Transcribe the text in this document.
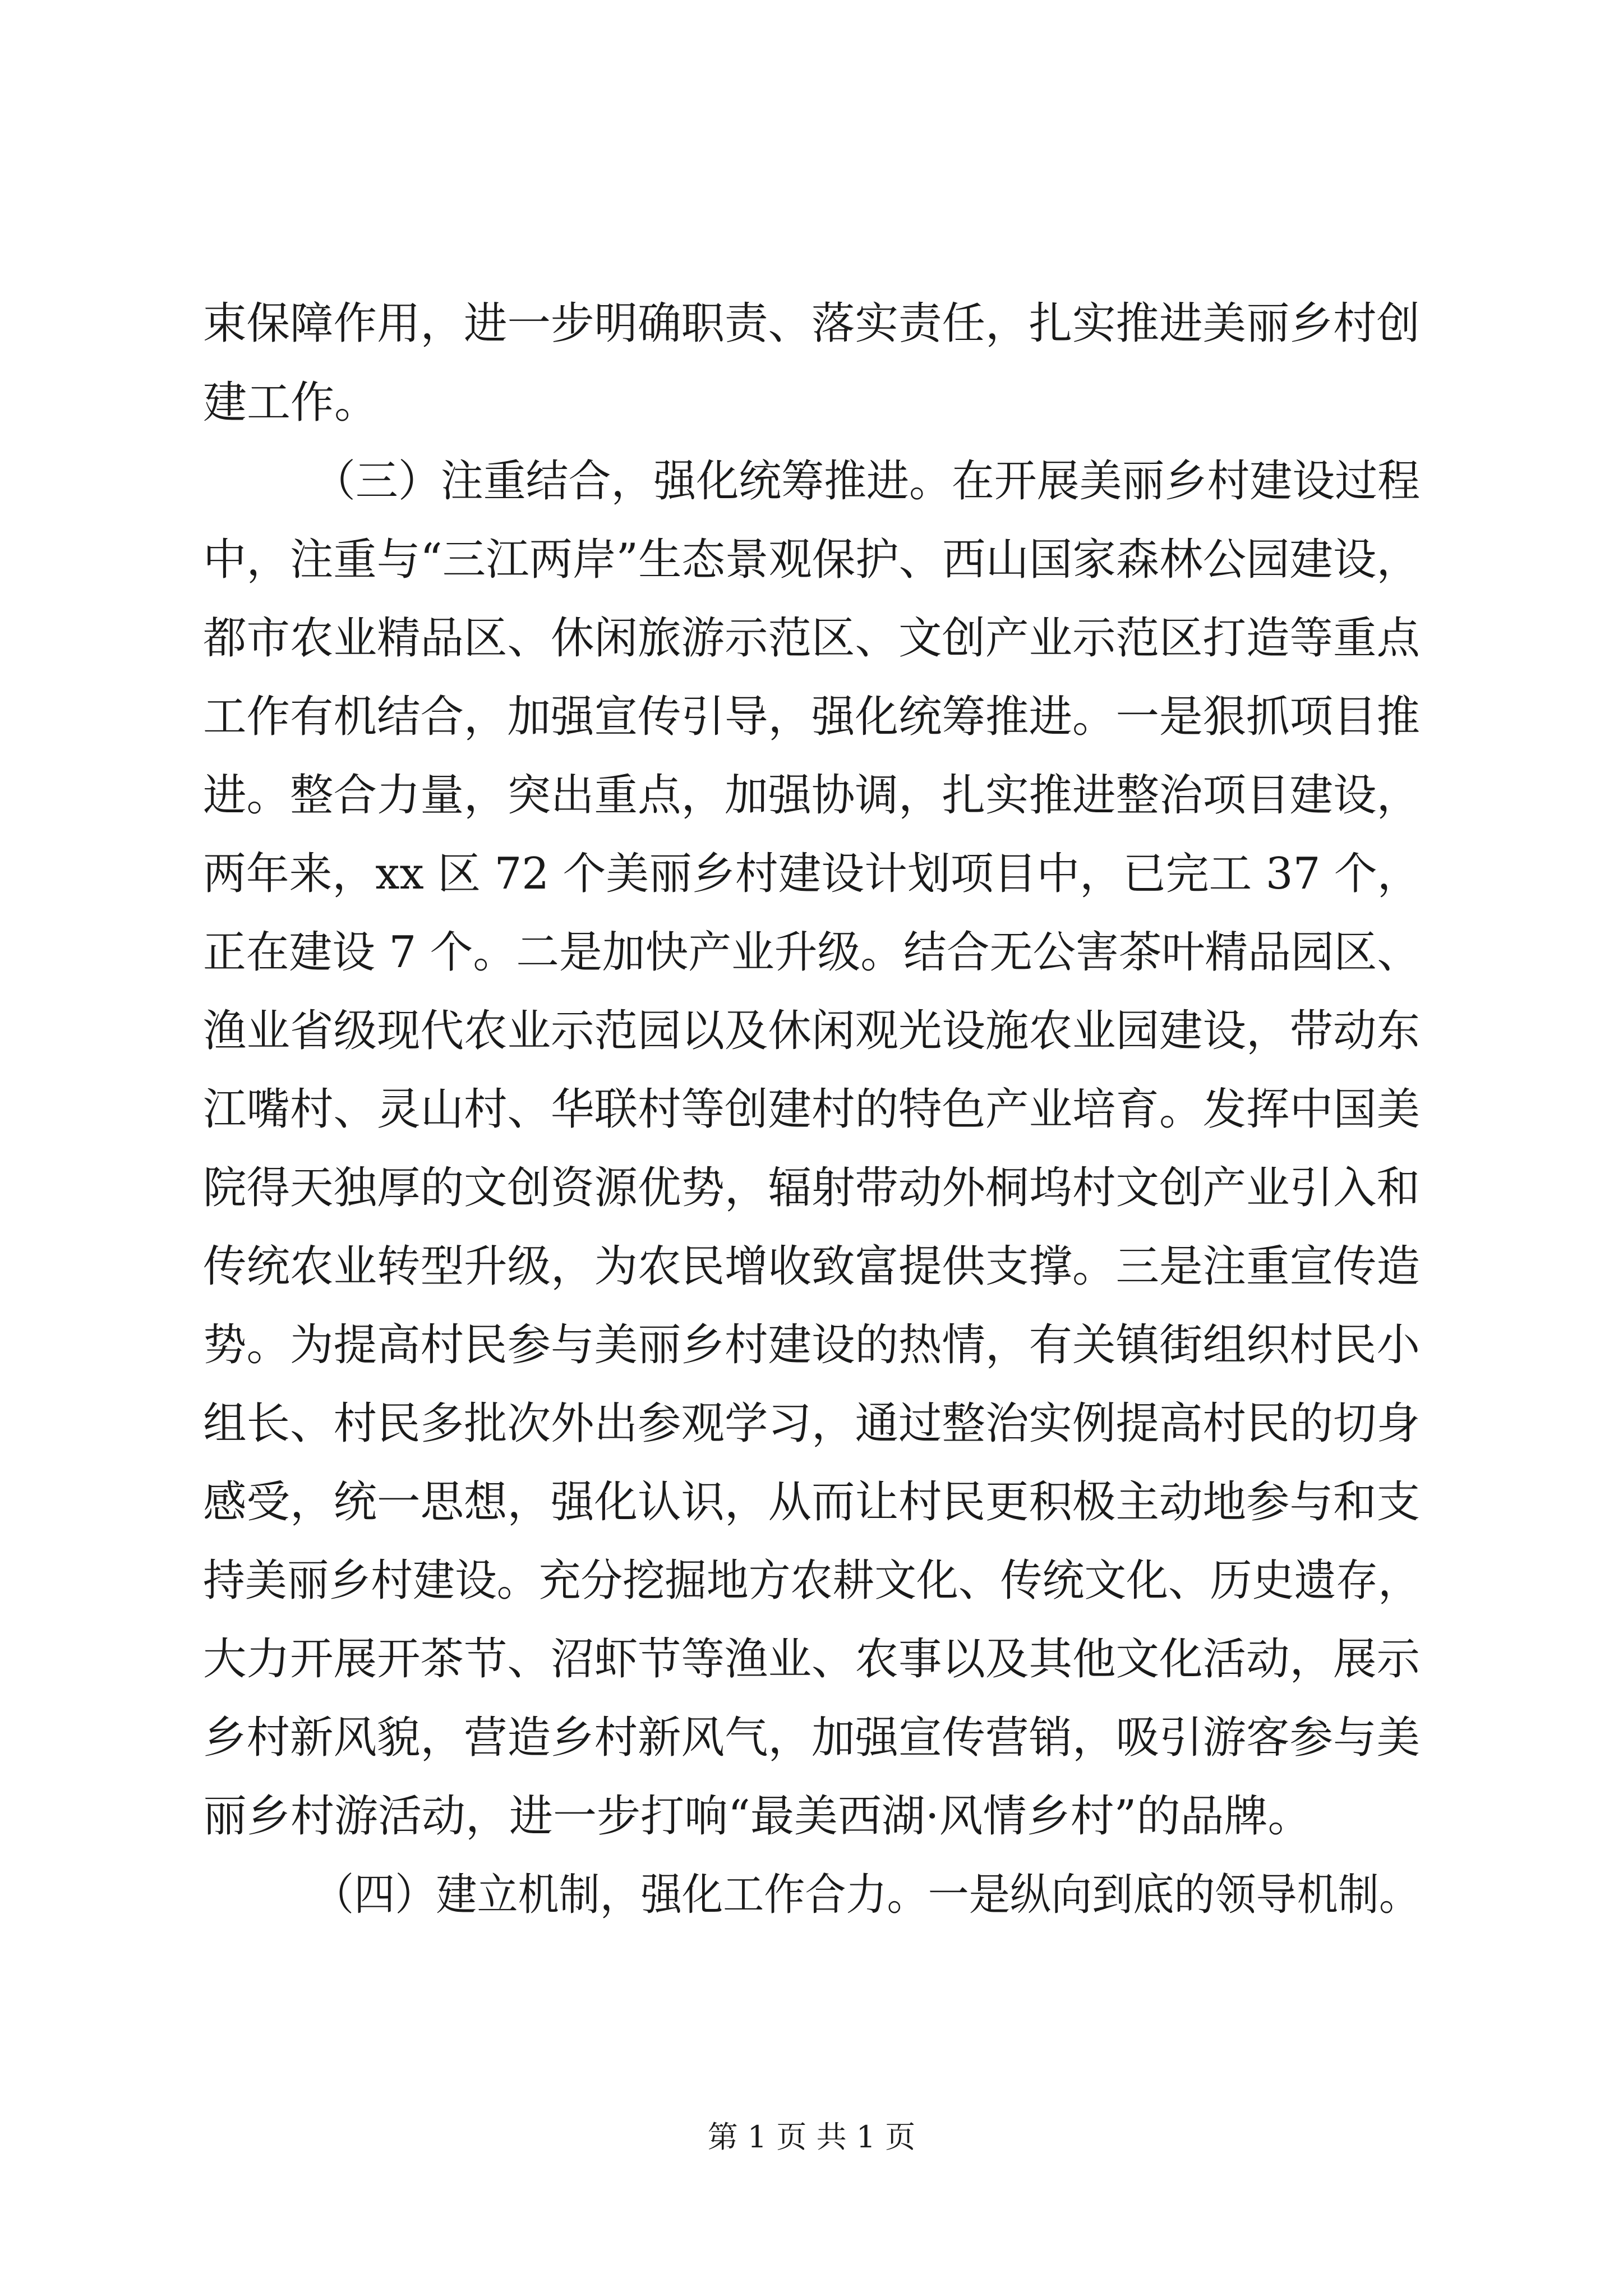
束保障作用，进一步明确职责、落实责任，扎实推进美丽乡村创
建工作。
（三）注重结合，强化统筹推进。在开展美丽乡村建设过程
中，注重与“三江两岸”生态景观保护、西山国家森林公园建设，
都市农业精品区、休闲旅游示范区、文创产业示范区打造等重点
工作有机结合，加强宣传引导，强化统筹推进。一是狠抓项目推
进。整合力量，突出重点，加强协调，扎实推进整治项目建设，
两年来，xx 区 72 个美丽乡村建设计划项目中，已完工 37 个，
正在建设 7 个。二是加快产业升级。结合无公害茶叶精品园区、
渔业省级现代农业示范园以及休闲观光设施农业园建设，带动东
江嘴村、灵山村、华联村等创建村的特色产业培育。发挥中国美
院得天独厚的文创资源优势，辐射带动外桐坞村文创产业引入和
传统农业转型升级，为农民增收致富提供支撑。三是注重宣传造
势。为提高村民参与美丽乡村建设的热情，有关镇街组织村民小
组长、村民多批次外出参观学习，通过整治实例提高村民的切身
感受，统一思想，强化认识，从而让村民更积极主动地参与和支
持美丽乡村建设。充分挖掘地方农耕文化、传统文化、历史遗存，
大力开展开茶节、沼虾节等渔业、农事以及其他文化活动，展示
乡村新风貌，营造乡村新风气，加强宣传营销，吸引游客参与美
丽乡村游活动，进一步打响“最美西湖·风情乡村”的品牌。
（四）建立机制，强化工作合力。一是纵向到底的领导机制。
第 1 页 共 1 页
